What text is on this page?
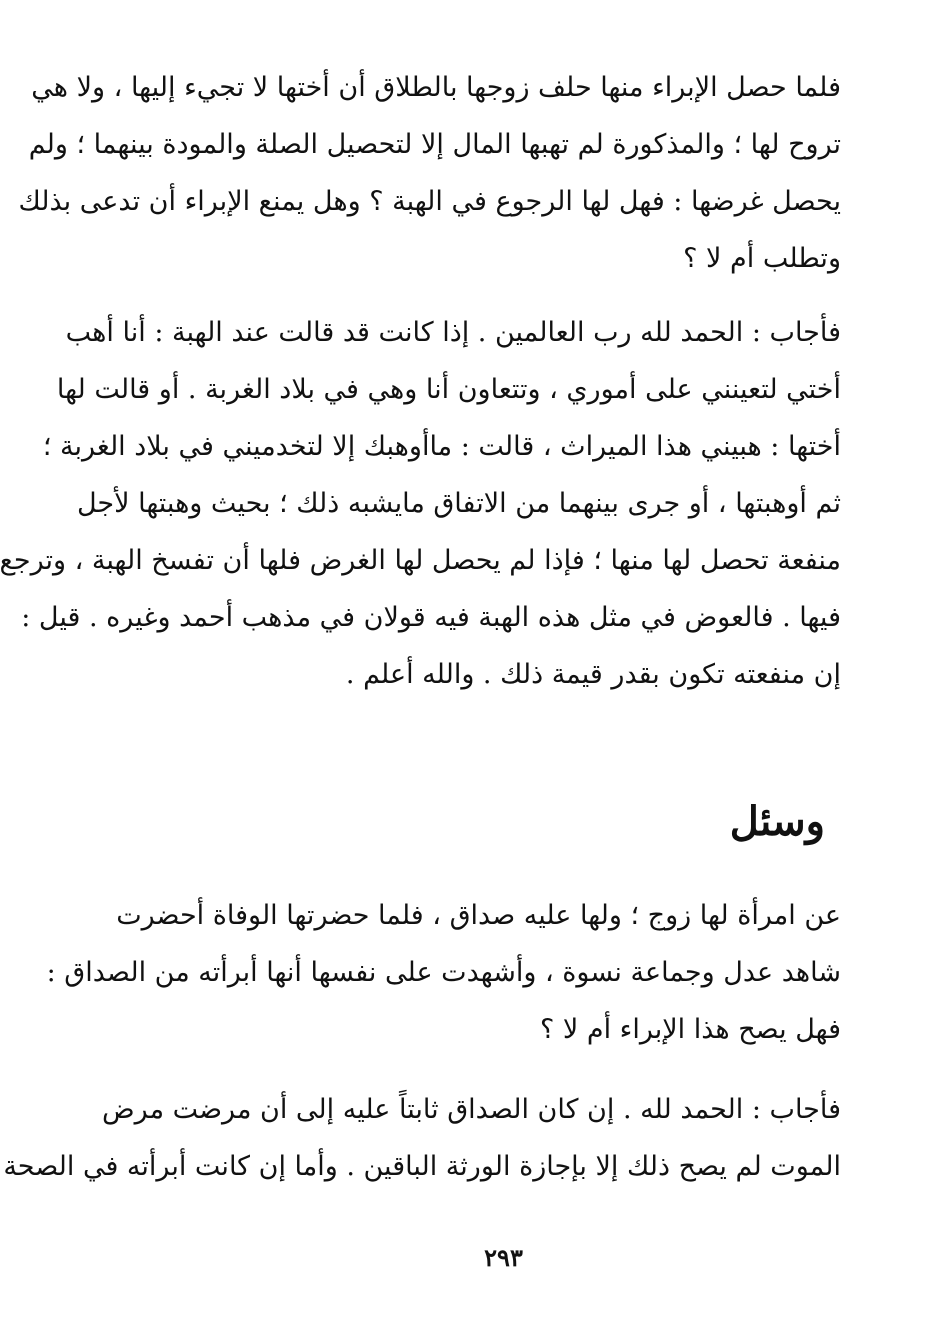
فلما حصل الإبراء منها حلف زوجها بالطلاق أن أختها لا تجيء إليها ، ولا هي
تروح لها ؛ والمذكورة لم تهبها المال إلا لتحصيل الصلة والمودة بينهما ؛ ولم
يحصل غرضها : فهل لها الرجوع في الهبة ؟ وهل يمنع الإبراء أن تدعى بذلك
وتطلب أم لا ؟
فأجاب : الحمد لله رب العالمين . إذا كانت قد قالت عند الهبة : أنا أهب
أختي لتعينني على أموري ، وتتعاون أنا وهي في بلاد الغربة . أو قالت لها
أختها : هبيني هذا الميراث ، قالت : ماأوهبك إلا لتخدميني في بلاد الغربة ؛
ثم أوهبتها ، أو جرى بينهما من الاتفاق مايشبه ذلك ؛ بحيث وهبتها لأجل
منفعة تحصل لها منها ؛ فإذا لم يحصل لها الغرض فلها أن تفسخ الهبة ، وترجع
فيها . فالعوض في مثل هذه الهبة فيه قولان في مذهب أحمد وغيره . قيل :
إن منفعته تكون بقدر قيمة ذلك . والله أعلم .
وسئل
عن امرأة لها زوج ؛ ولها عليه صداق ، فلما حضرتها الوفاة أحضرت
شاهد عدل وجماعة نسوة ، وأشهدت على نفسها أنها أبرأته من الصداق :
فهل يصح هذا الإبراء أم لا ؟
فأجاب : الحمد لله . إن كان الصداق ثابتاً عليه إلى أن مرضت مرض
الموت لم يصح ذلك إلا بإجازة الورثة الباقين . وأما إن كانت أبرأته في الصحة
٢٩٣
